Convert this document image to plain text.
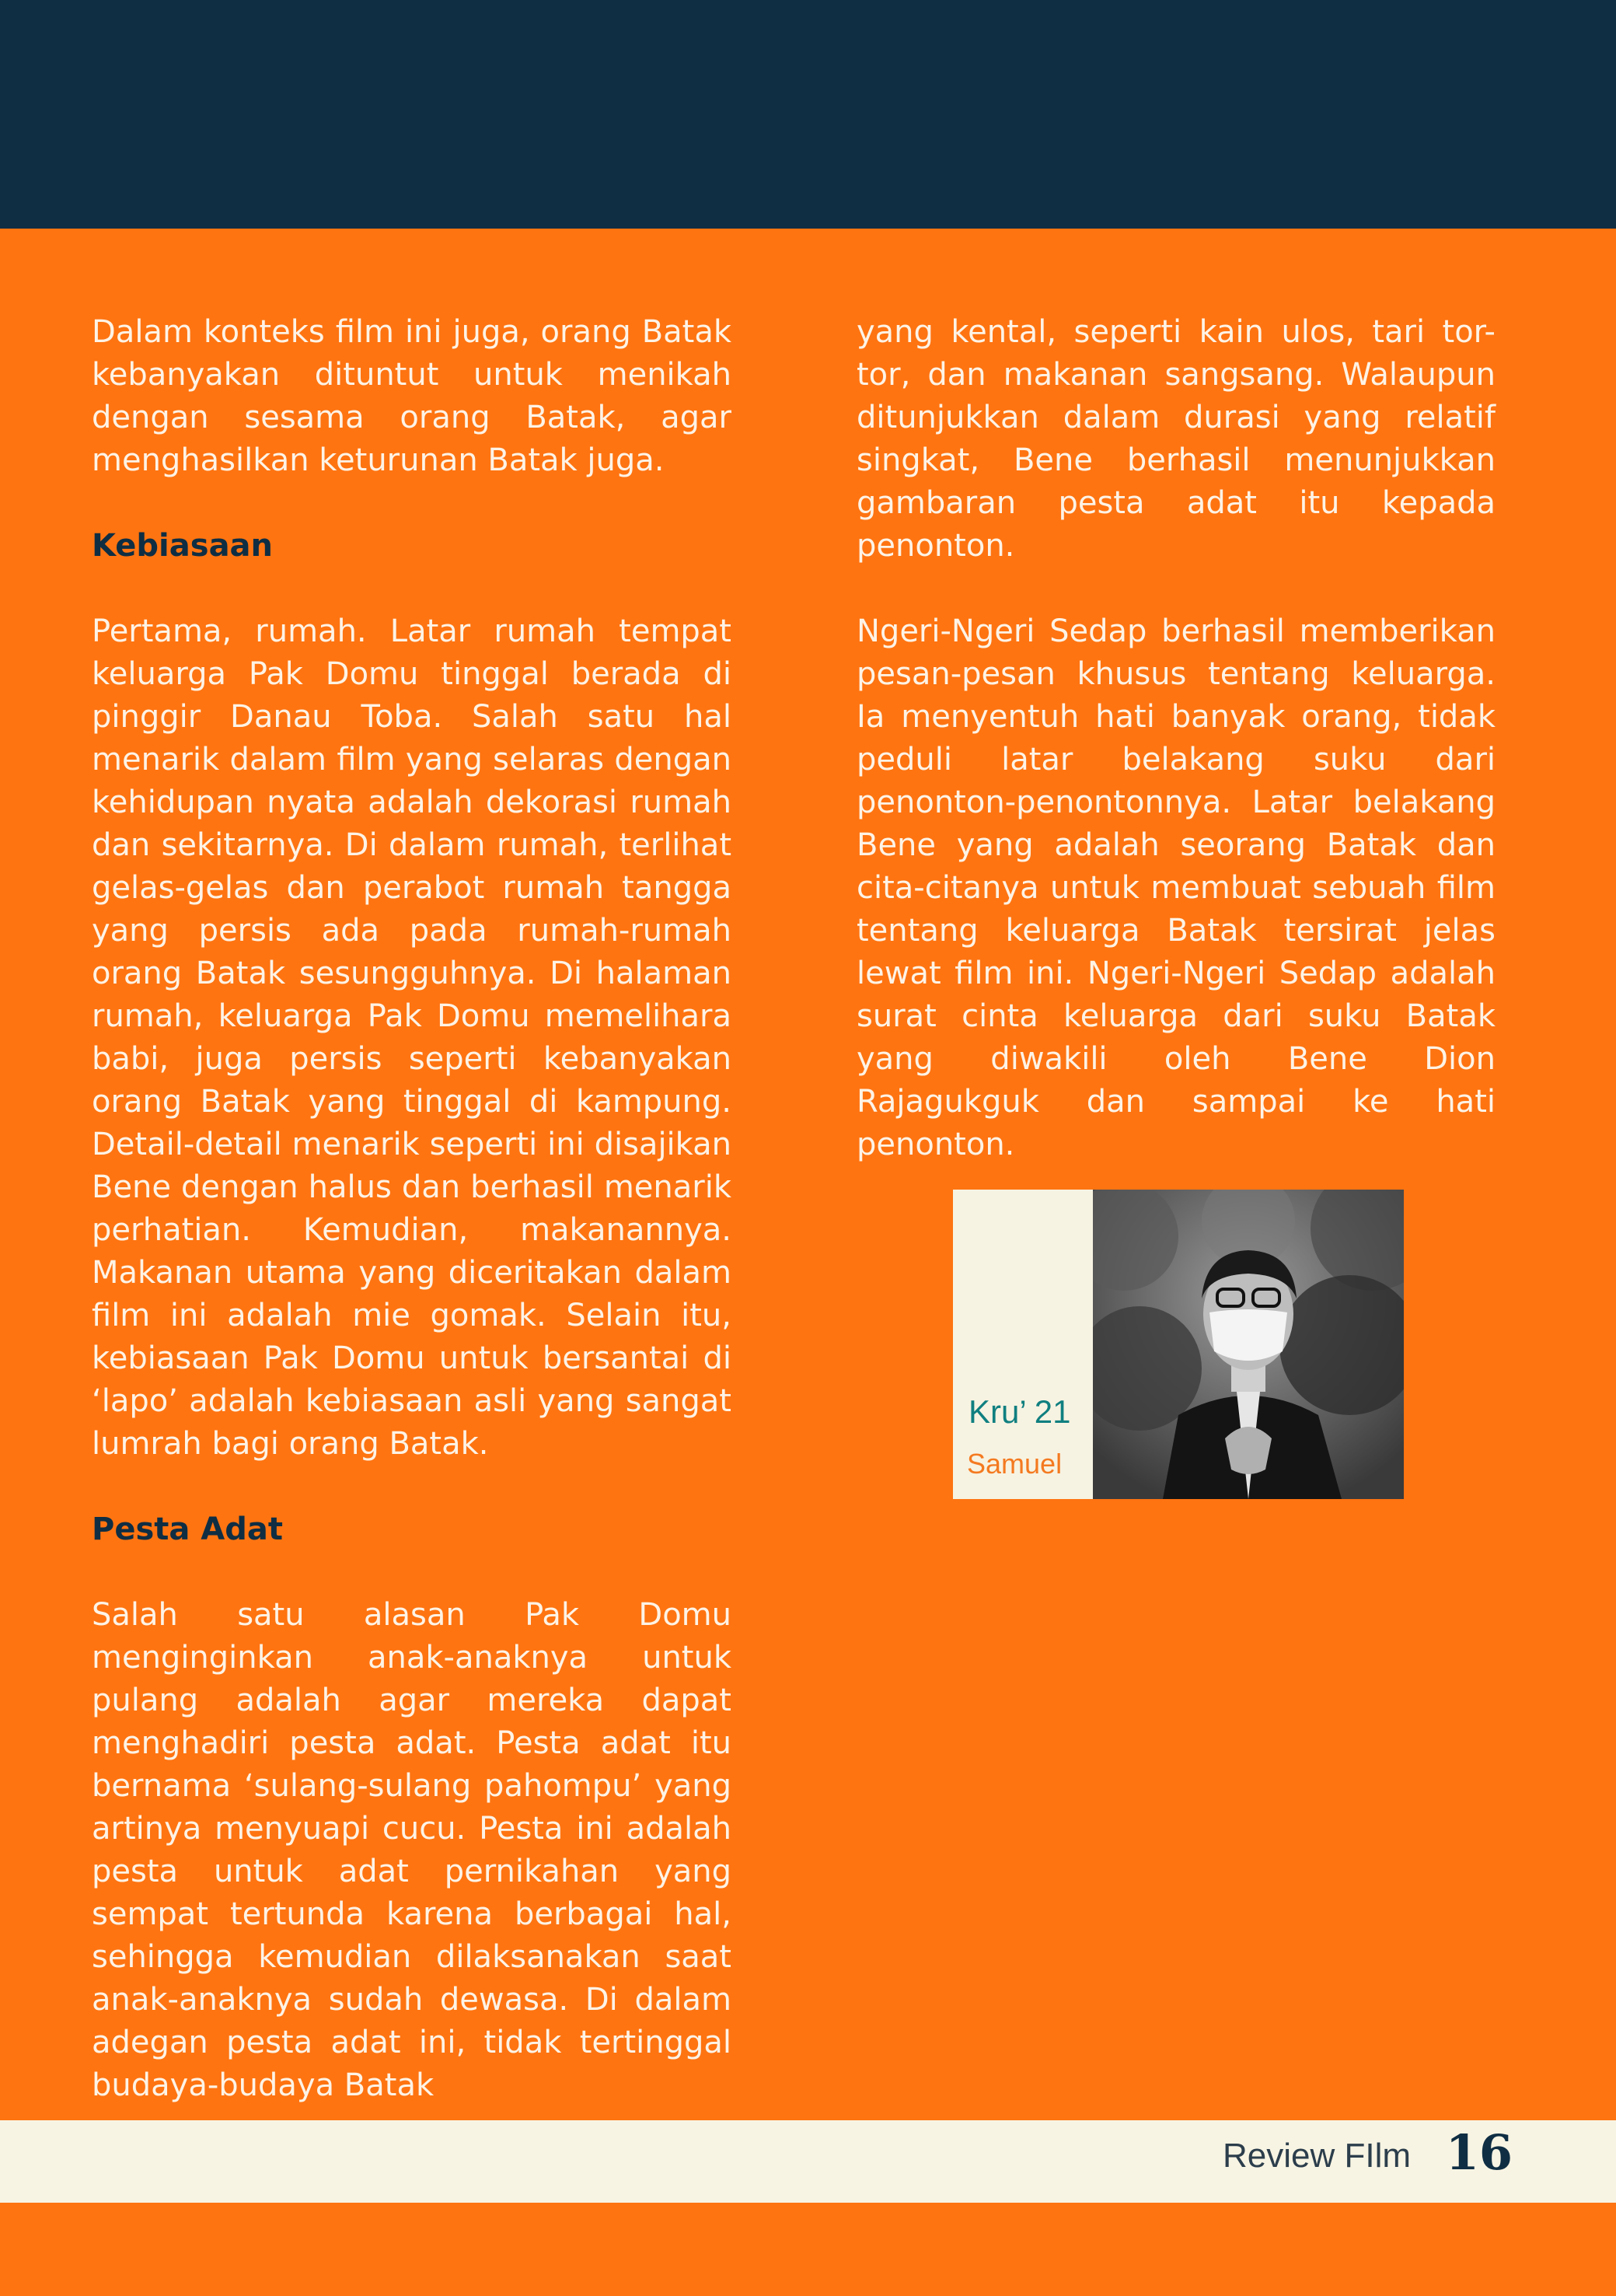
Dalam konteks film ini juga, orang Batak kebanyakan dituntut untuk menikah dengan sesama orang Batak, agar menghasilkan keturunan Batak juga.

Kebiasaan

Pertama, rumah. Latar rumah tempat keluarga Pak Domu tinggal berada di pinggir Danau Toba. Salah satu hal menarik dalam film yang selaras dengan kehidupan nyata adalah dekorasi rumah dan sekitarnya. Di dalam rumah, terlihat gelas-gelas dan perabot rumah tangga yang persis ada pada rumah-rumah orang Batak sesungguhnya. Di halaman rumah, keluarga Pak Domu memelihara babi, juga persis seperti kebanyakan orang Batak yang tinggal di kampung. Detail-detail menarik seperti ini disajikan Bene dengan halus dan berhasil menarik perhatian. Kemudian, makanannya. Makanan utama yang diceritakan dalam film ini adalah mie gomak. Selain itu, kebiasaan Pak Domu untuk bersantai di ‘lapo’ adalah kebiasaan asli yang sangat lumrah bagi orang Batak.

Pesta Adat

Salah satu alasan Pak Domu menginginkan anak-anaknya untuk pulang adalah agar mereka dapat menghadiri pesta adat. Pesta adat itu bernama ‘sulang-sulang pahompu’ yang artinya menyuapi cucu. Pesta ini adalah pesta untuk adat pernikahan yang sempat tertunda karena berbagai hal, sehingga kemudian dilaksanakan saat anak-anaknya sudah dewasa. Di dalam adegan pesta adat ini, tidak tertinggal budaya-budaya Batak

yang kental, seperti kain ulos, tari tor-tor, dan makanan sangsang. Walaupun ditunjukkan dalam durasi yang relatif singkat, Bene berhasil menunjukkan gambaran pesta adat itu kepada penonton.

Ngeri-Ngeri Sedap berhasil memberikan pesan-pesan khusus tentang keluarga. Ia menyentuh hati banyak orang, tidak peduli latar belakang suku dari penonton-penontonnya. Latar belakang Bene yang adalah seorang Batak dan cita-citanya untuk membuat sebuah film tentang keluarga Batak tersirat jelas lewat film ini. Ngeri-Ngeri Sedap adalah surat cinta keluarga dari suku Batak yang diwakili oleh Bene Dion Rajagukguk dan sampai ke hati penonton.

Kru’ 21
Samuel
Review FIlm 16
